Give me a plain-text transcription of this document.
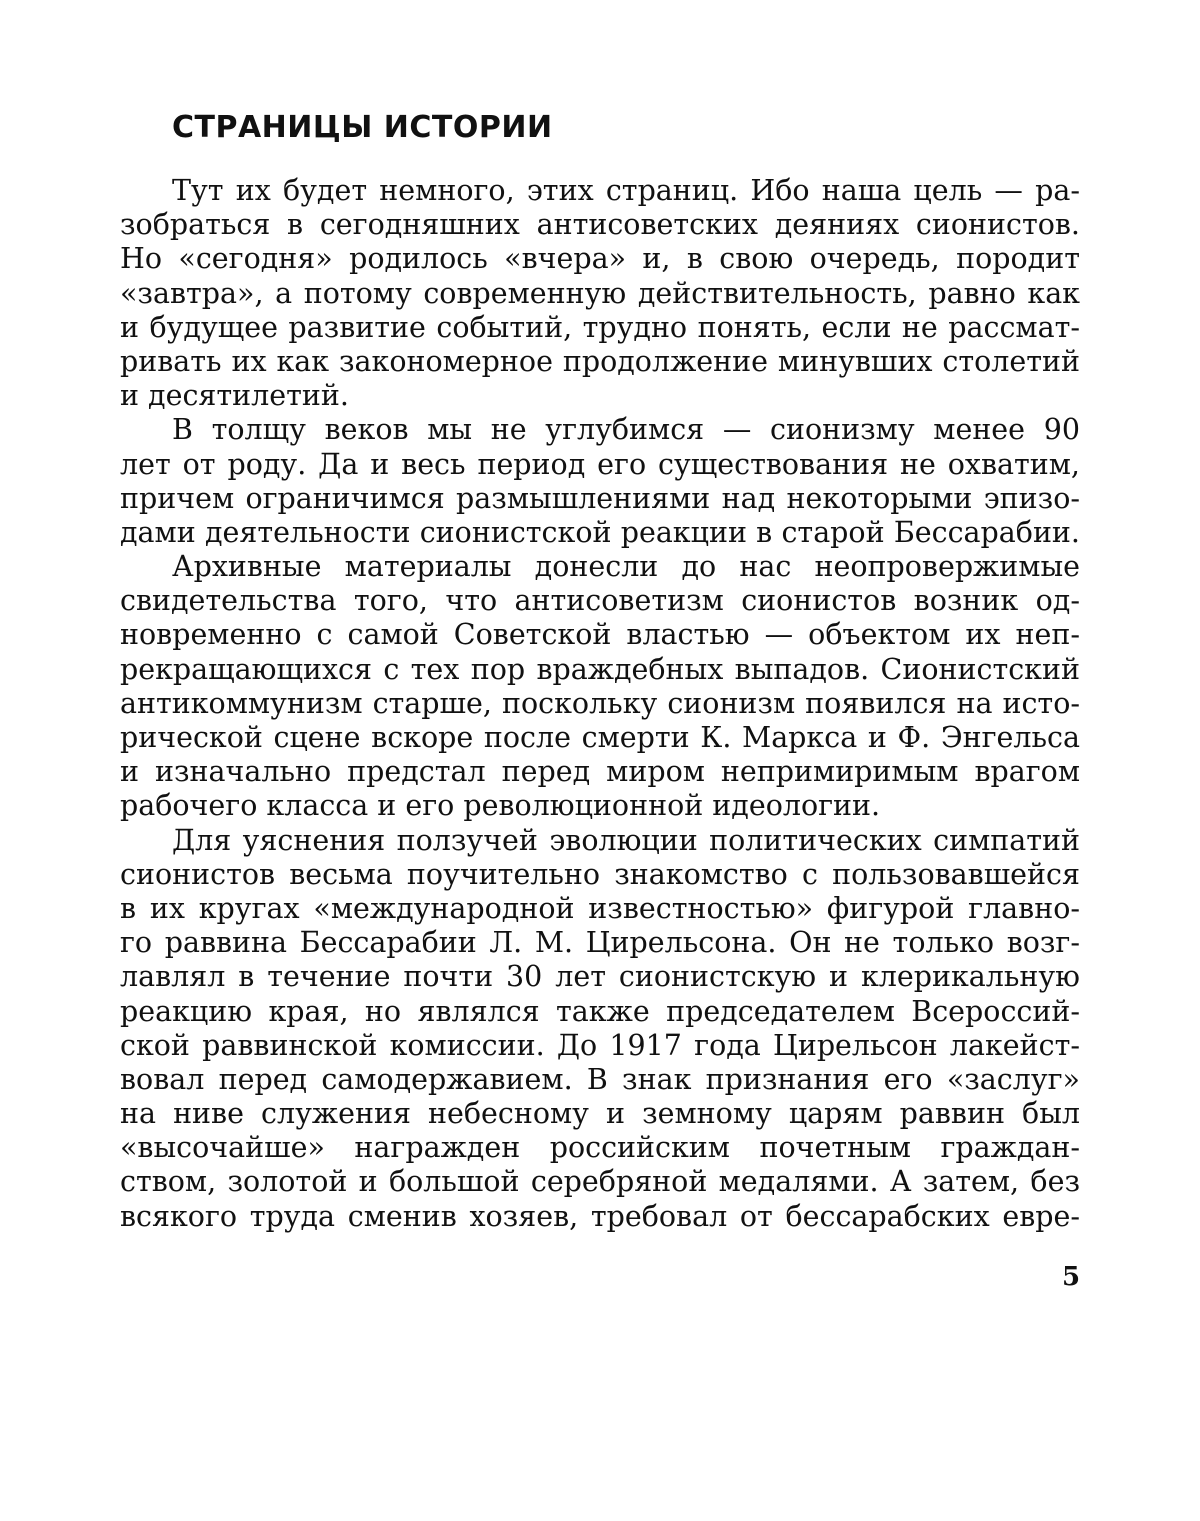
СТРАНИЦЫ ИСТОРИИ
Тут их будет немного, этих страниц. Ибо наша цель — ра-
зобраться в сегодняшних антисоветских деяниях сионистов.
Но «сегодня» родилось «вчера» и, в свою очередь, породит
«завтра», а потому современную действительность, равно как
и будущее развитие событий, трудно понять, если не рассмат-
ривать их как закономерное продолжение минувших столетий
и десятилетий.
В толщу веков мы не углубимся — сионизму менее 90
лет от роду. Да и весь период его существования не охватим,
причем ограничимся размышлениями над некоторыми эпизо-
дами деятельности сионистской реакции в старой Бессарабии.
Архивные материалы донесли до нас неопровержимые
свидетельства того, что антисоветизм сионистов возник од-
новременно с самой Советской властью — объектом их неп-
рекращающихся с тех пор враждебных выпадов. Сионистский
антикоммунизм старше, поскольку сионизм появился на исто-
рической сцене вскоре после смерти К. Маркса и Ф. Энгельса
и изначально предстал перед миром непримиримым врагом
рабочего класса и его революционной идеологии.
Для уяснения ползучей эволюции политических симпатий
сионистов весьма поучительно знакомство с пользовавшейся
в их кругах «международной известностью» фигурой главно-
го раввина Бессарабии Л. М. Цирельсона. Он не только возг-
лавлял в течение почти 30 лет сионистскую и клерикальную
реакцию края, но являлся также председателем Всероссий-
ской раввинской комиссии. До 1917 года Цирельсон лакейст-
вовал перед самодержавием. В знак признания его «заслуг»
на ниве служения небесному и земному царям раввин был
«высочайше» награжден российским почетным граждан-
ством, золотой и большой серебряной медалями. А затем, без
всякого труда сменив хозяев, требовал от бессарабских евре-

5
